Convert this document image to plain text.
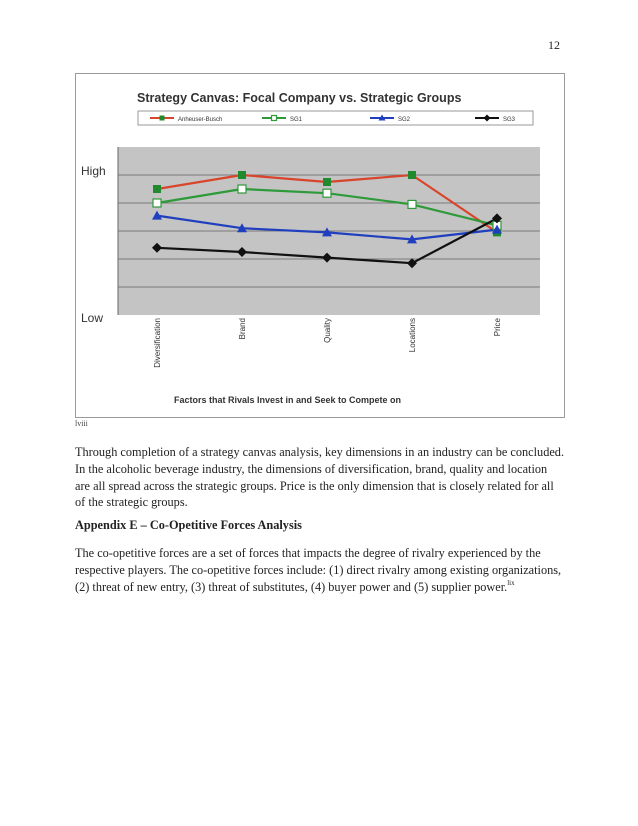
12
Strategy Canvas: Focal Company vs. Strategic Groups
Anheuser-Busch	SG1	SG2	SG3
High
Low	Diversification	Brand	Quality	Locations	Price
Factors that Rivals Invest in and Seek to Compete on
lviii

Through completion of a strategy canvas analysis, key dimensions in an industry can be concluded. In the alcoholic beverage industry, the dimensions of diversification, brand, quality and location are all spread across the strategic groups. Price is the only dimension that is closely related for all of the strategic groups.

Appendix E – Co-Opetitive Forces Analysis

The co-opetitive forces are a set of forces that impacts the degree of rivalry experienced by the respective players. The co-opetitive forces include: (1) direct rivalry among existing organizations, (2) threat of new entry, (3) threat of substitutes, (4) buyer power and (5) supplier power.$^{lix}$
